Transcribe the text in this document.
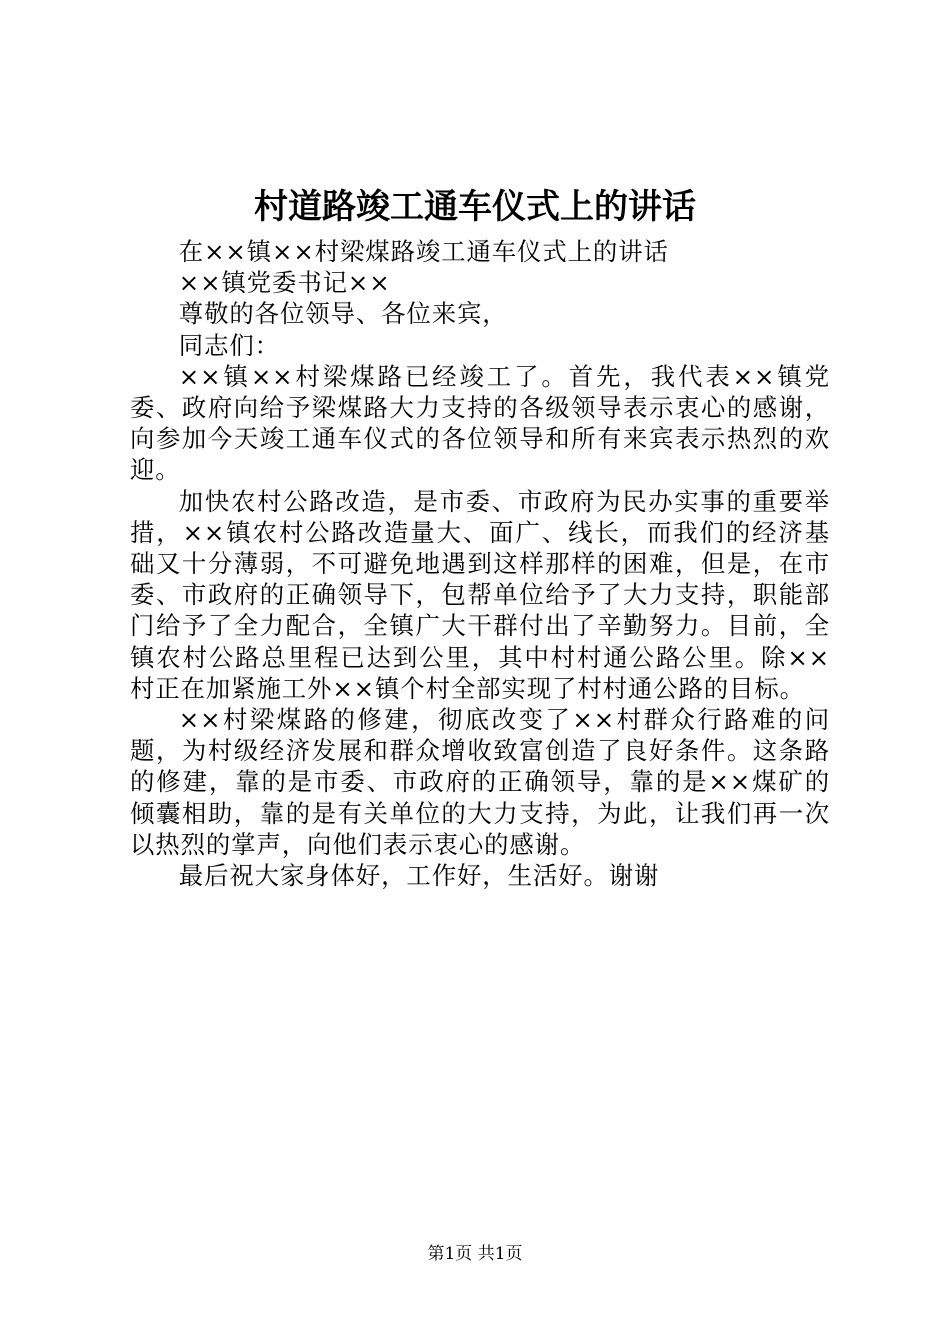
村道路竣工通车仪式上的讲话

在××镇××村梁煤路竣工通车仪式上的讲话

××镇党委书记××

尊敬的各位领导、各位来宾，

同志们：

××镇××村梁煤路已经竣工了。首先，我代表××镇党委、政府向给予梁煤路大力支持的各级领导表示衷心的感谢，向参加今天竣工通车仪式的各位领导和所有来宾表示热烈的欢迎。

加快农村公路改造，是市委、市政府为民办实事的重要举措，××镇农村公路改造量大、面广、线长，而我们的经济基础又十分薄弱，不可避免地遇到这样那样的困难，但是，在市委、市政府的正确领导下，包帮单位给予了大力支持，职能部门给予了全力配合，全镇广大干群付出了辛勤努力。目前，全镇农村公路总里程已达到公里，其中村村通公路公里。除××村正在加紧施工外××镇个村全部实现了村村通公路的目标。

××村梁煤路的修建，彻底改变了××村群众行路难的问题，为村级经济发展和群众增收致富创造了良好条件。这条路的修建，靠的是市委、市政府的正确领导，靠的是××煤矿的倾囊相助，靠的是有关单位的大力支持，为此，让我们再一次以热烈的掌声，向他们表示衷心的感谢。

最后祝大家身体好，工作好，生活好。谢谢

第1页 共1页
